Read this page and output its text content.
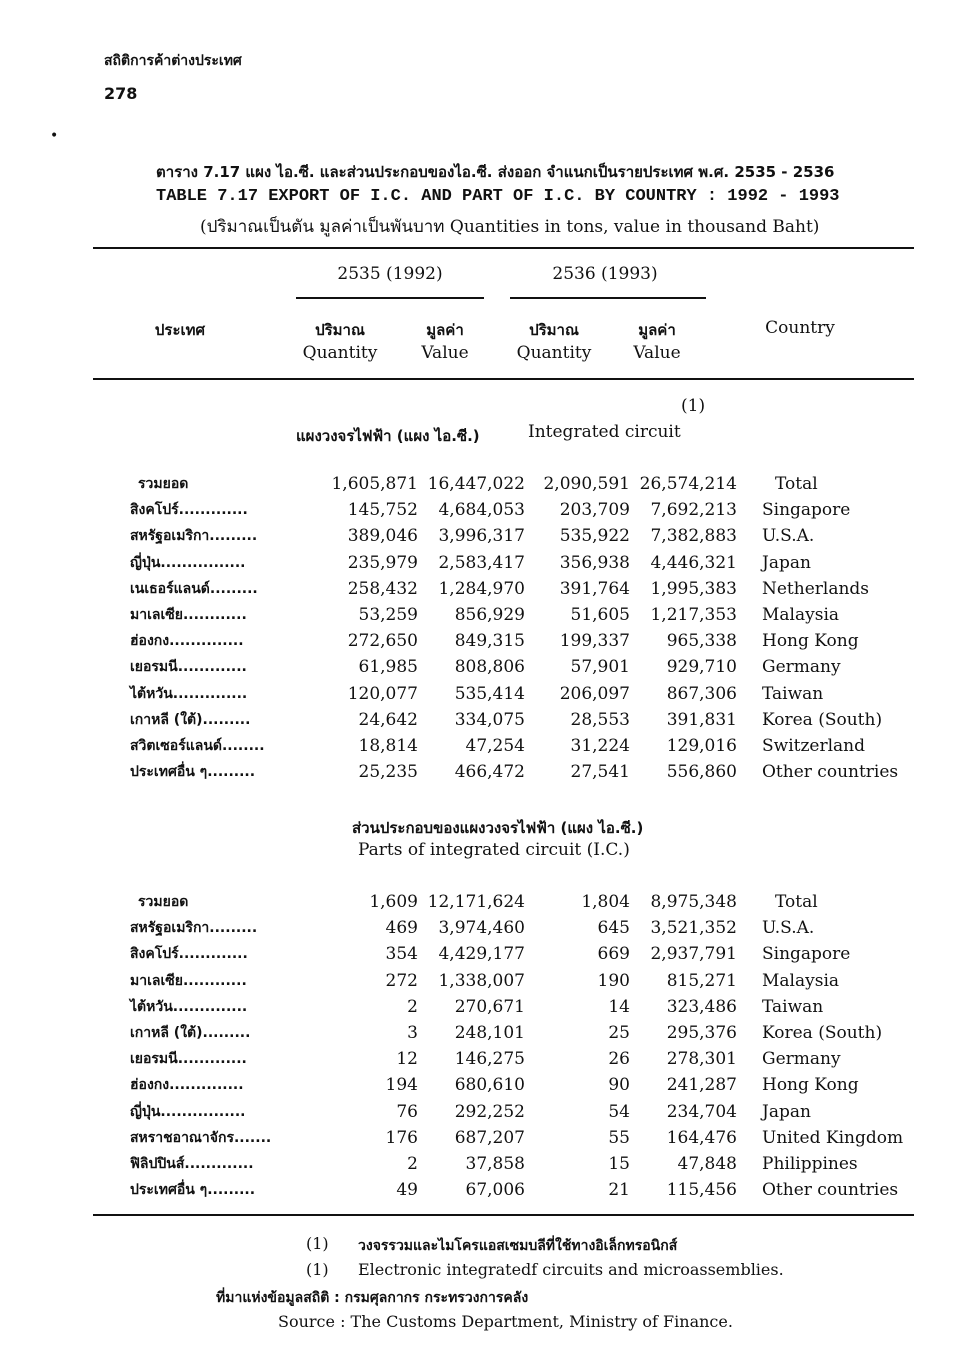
สถิติการค้าต่างประเทศ
278
•
ตาราง 7.17 แผง ไอ.ซี. และส่วนประกอบของไอ.ซี. ส่งออก จำแนกเป็นรายประเทศ พ.ศ. 2535 - 2536
TABLE 7.17 EXPORT OF I.C. AND PART OF I.C. BY COUNTRY : 1992 - 1993
(ปริมาณเป็นตัน มูลค่าเป็นพันบาท Quantities in tons, value in thousand Baht)
2535 (1992)	2536 (1993)
ประเทศ	ปริมาณ	มูลค่า	ปริมาณ	มูลค่า	Country
Quantity	Value	Quantity	Value
(1)
แผงวงจรไฟฟ้า (แผง ไอ.ซี.)	Integrated circuit
รวมยอด	1,605,871	16,447,022	2,090,591	26,574,214	Total
สิงคโปร์.............	145,752	4,684,053	203,709	7,692,213	Singapore
สหรัฐอเมริกา.........	389,046	3,996,317	535,922	7,382,883	U.S.A.
ญี่ปุ่น................	235,979	2,583,417	356,938	4,446,321	Japan
เนเธอร์แลนด์.........	258,432	1,284,970	391,764	1,995,383	Netherlands
มาเลเซีย............	53,259	856,929	51,605	1,217,353	Malaysia
ฮ่องกง..............	272,650	849,315	199,337	965,338	Hong Kong
เยอรมนี.............	61,985	808,806	57,901	929,710	Germany
ไต้หวัน..............	120,077	535,414	206,097	867,306	Taiwan
เกาหลี (ใต้).........	24,642	334,075	28,553	391,831	Korea (South)
สวิตเซอร์แลนด์........	18,814	47,254	31,224	129,016	Switzerland
ประเทศอื่น ๆ.........	25,235	466,472	27,541	556,860	Other countries
ส่วนประกอบของแผงวงจรไฟฟ้า (แผง ไอ.ซี.)
Parts of integrated circuit (I.C.)
รวมยอด	1,609	12,171,624	1,804	8,975,348	Total
สหรัฐอเมริกา.........	469	3,974,460	645	3,521,352	U.S.A.
สิงคโปร์.............	354	4,429,177	669	2,937,791	Singapore
มาเลเซีย............	272	1,338,007	190	815,271	Malaysia
ไต้หวัน..............	2	270,671	14	323,486	Taiwan
เกาหลี (ใต้).........	3	248,101	25	295,376	Korea (South)
เยอรมนี.............	12	146,275	26	278,301	Germany
ฮ่องกง..............	194	680,610	90	241,287	Hong Kong
ญี่ปุ่น................	76	292,252	54	234,704	Japan
สหราชอาณาจักร.......	176	687,207	55	164,476	United Kingdom
ฟิลิปปินส์.............	2	37,858	15	47,848	Philippines
ประเทศอื่น ๆ.........	49	67,006	21	115,456	Other countries
(1) วงจรรวมและไมโครแอสเซมบลีที่ใช้ทางอิเล็กทรอนิกส์
(1) Electronic integratedf circuits and microassemblies.
ที่มาแห่งข้อมูลสถิติ : กรมศุลกากร กระทรวงการคลัง
Source : The Customs Department, Ministry of Finance.
